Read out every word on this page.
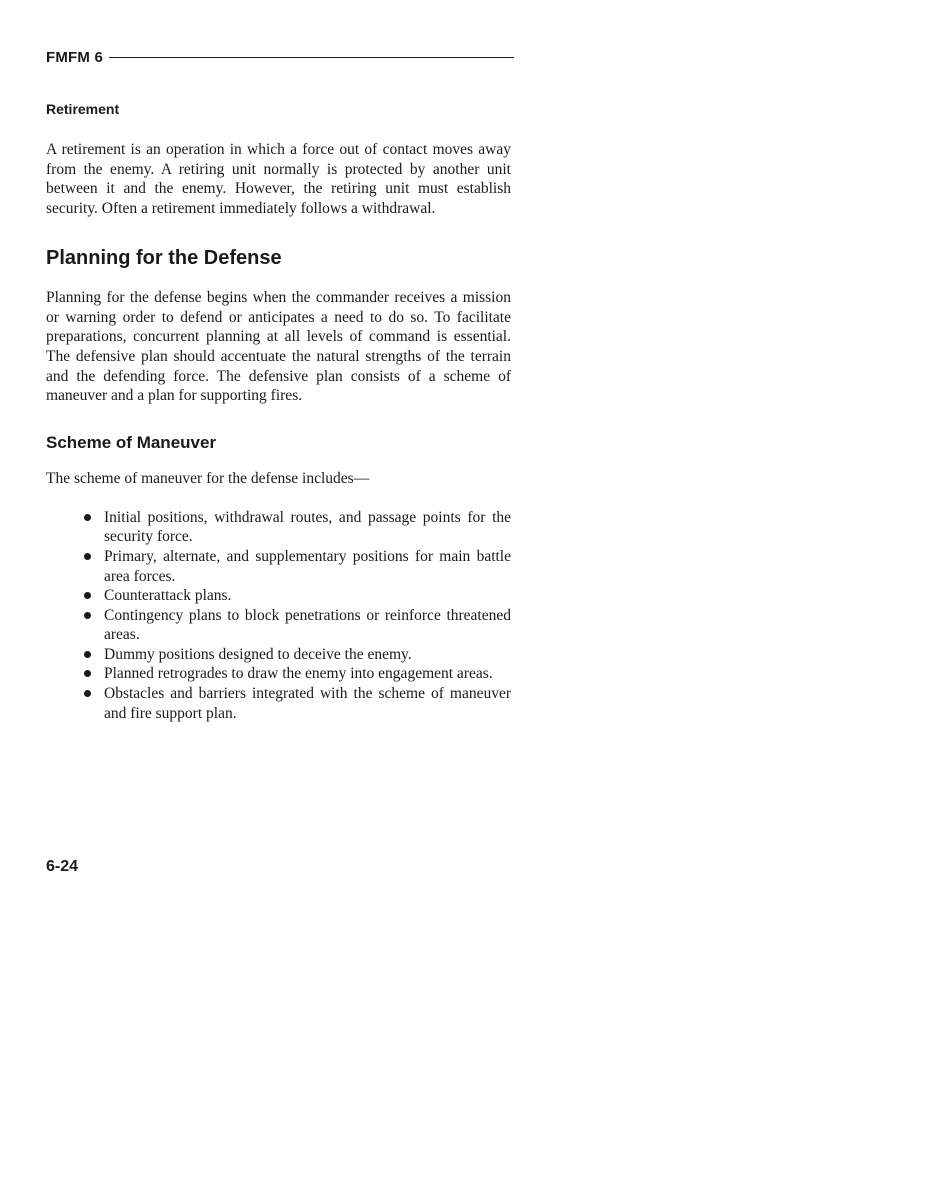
FMFM 6
Retirement

A retirement is an operation in which a force out of contact moves away from the enemy. A retiring unit normally is protected by another unit between it and the enemy. However, the retiring unit must establish security. Often a retirement immediately follows a withdrawal.

Planning for the Defense

Planning for the defense begins when the commander receives a mission or warning order to defend or anticipates a need to do so. To facilitate preparations, concurrent planning at all levels of command is essential. The defensive plan should accentuate the natural strengths of the terrain and the defending force. The defensive plan consists of a scheme of maneuver and a plan for supporting fires.

Scheme of Maneuver

The scheme of maneuver for the defense includes—

Initial positions, withdrawal routes, and passage points for the security force.
Primary, alternate, and supplementary positions for main battle area forces.
Counterattack plans.
Contingency plans to block penetrations or reinforce threatened areas.
Dummy positions designed to deceive the enemy.
Planned retrogrades to draw the enemy into engagement areas.
Obstacles and barriers integrated with the scheme of maneuver and fire support plan.
6-24
